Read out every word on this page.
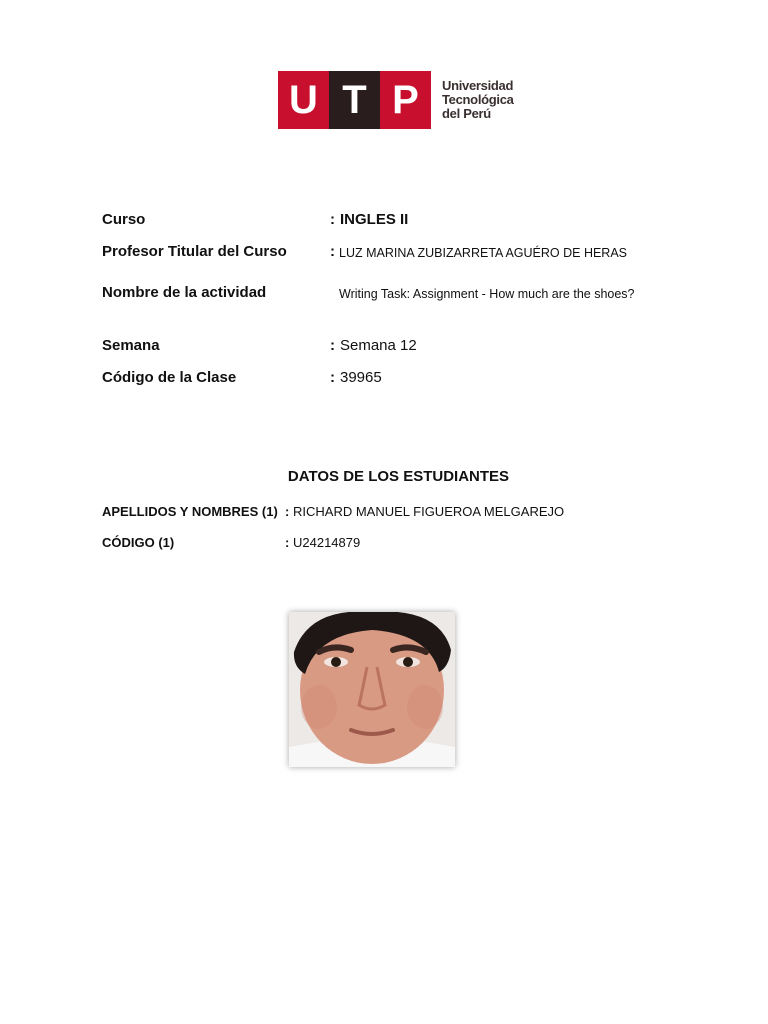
U T P	Universidad
Tecnológica
del Perú
Curso	: INGLES II
Profesor Titular del Curso	: LUZ MARINA ZUBIZARRETA AGUÉRO DE HERAS
Nombre de la actividad	Writing Task: Assignment - How much are the shoes?
Semana	: Semana 12
Código de la Clase	: 39965
DATOS DE LOS ESTUDIANTES
APELLIDOS Y NOMBRES (1) : RICHARD MANUEL FIGUEROA MELGAREJO
CÓDIGO (1)	: U24214879
